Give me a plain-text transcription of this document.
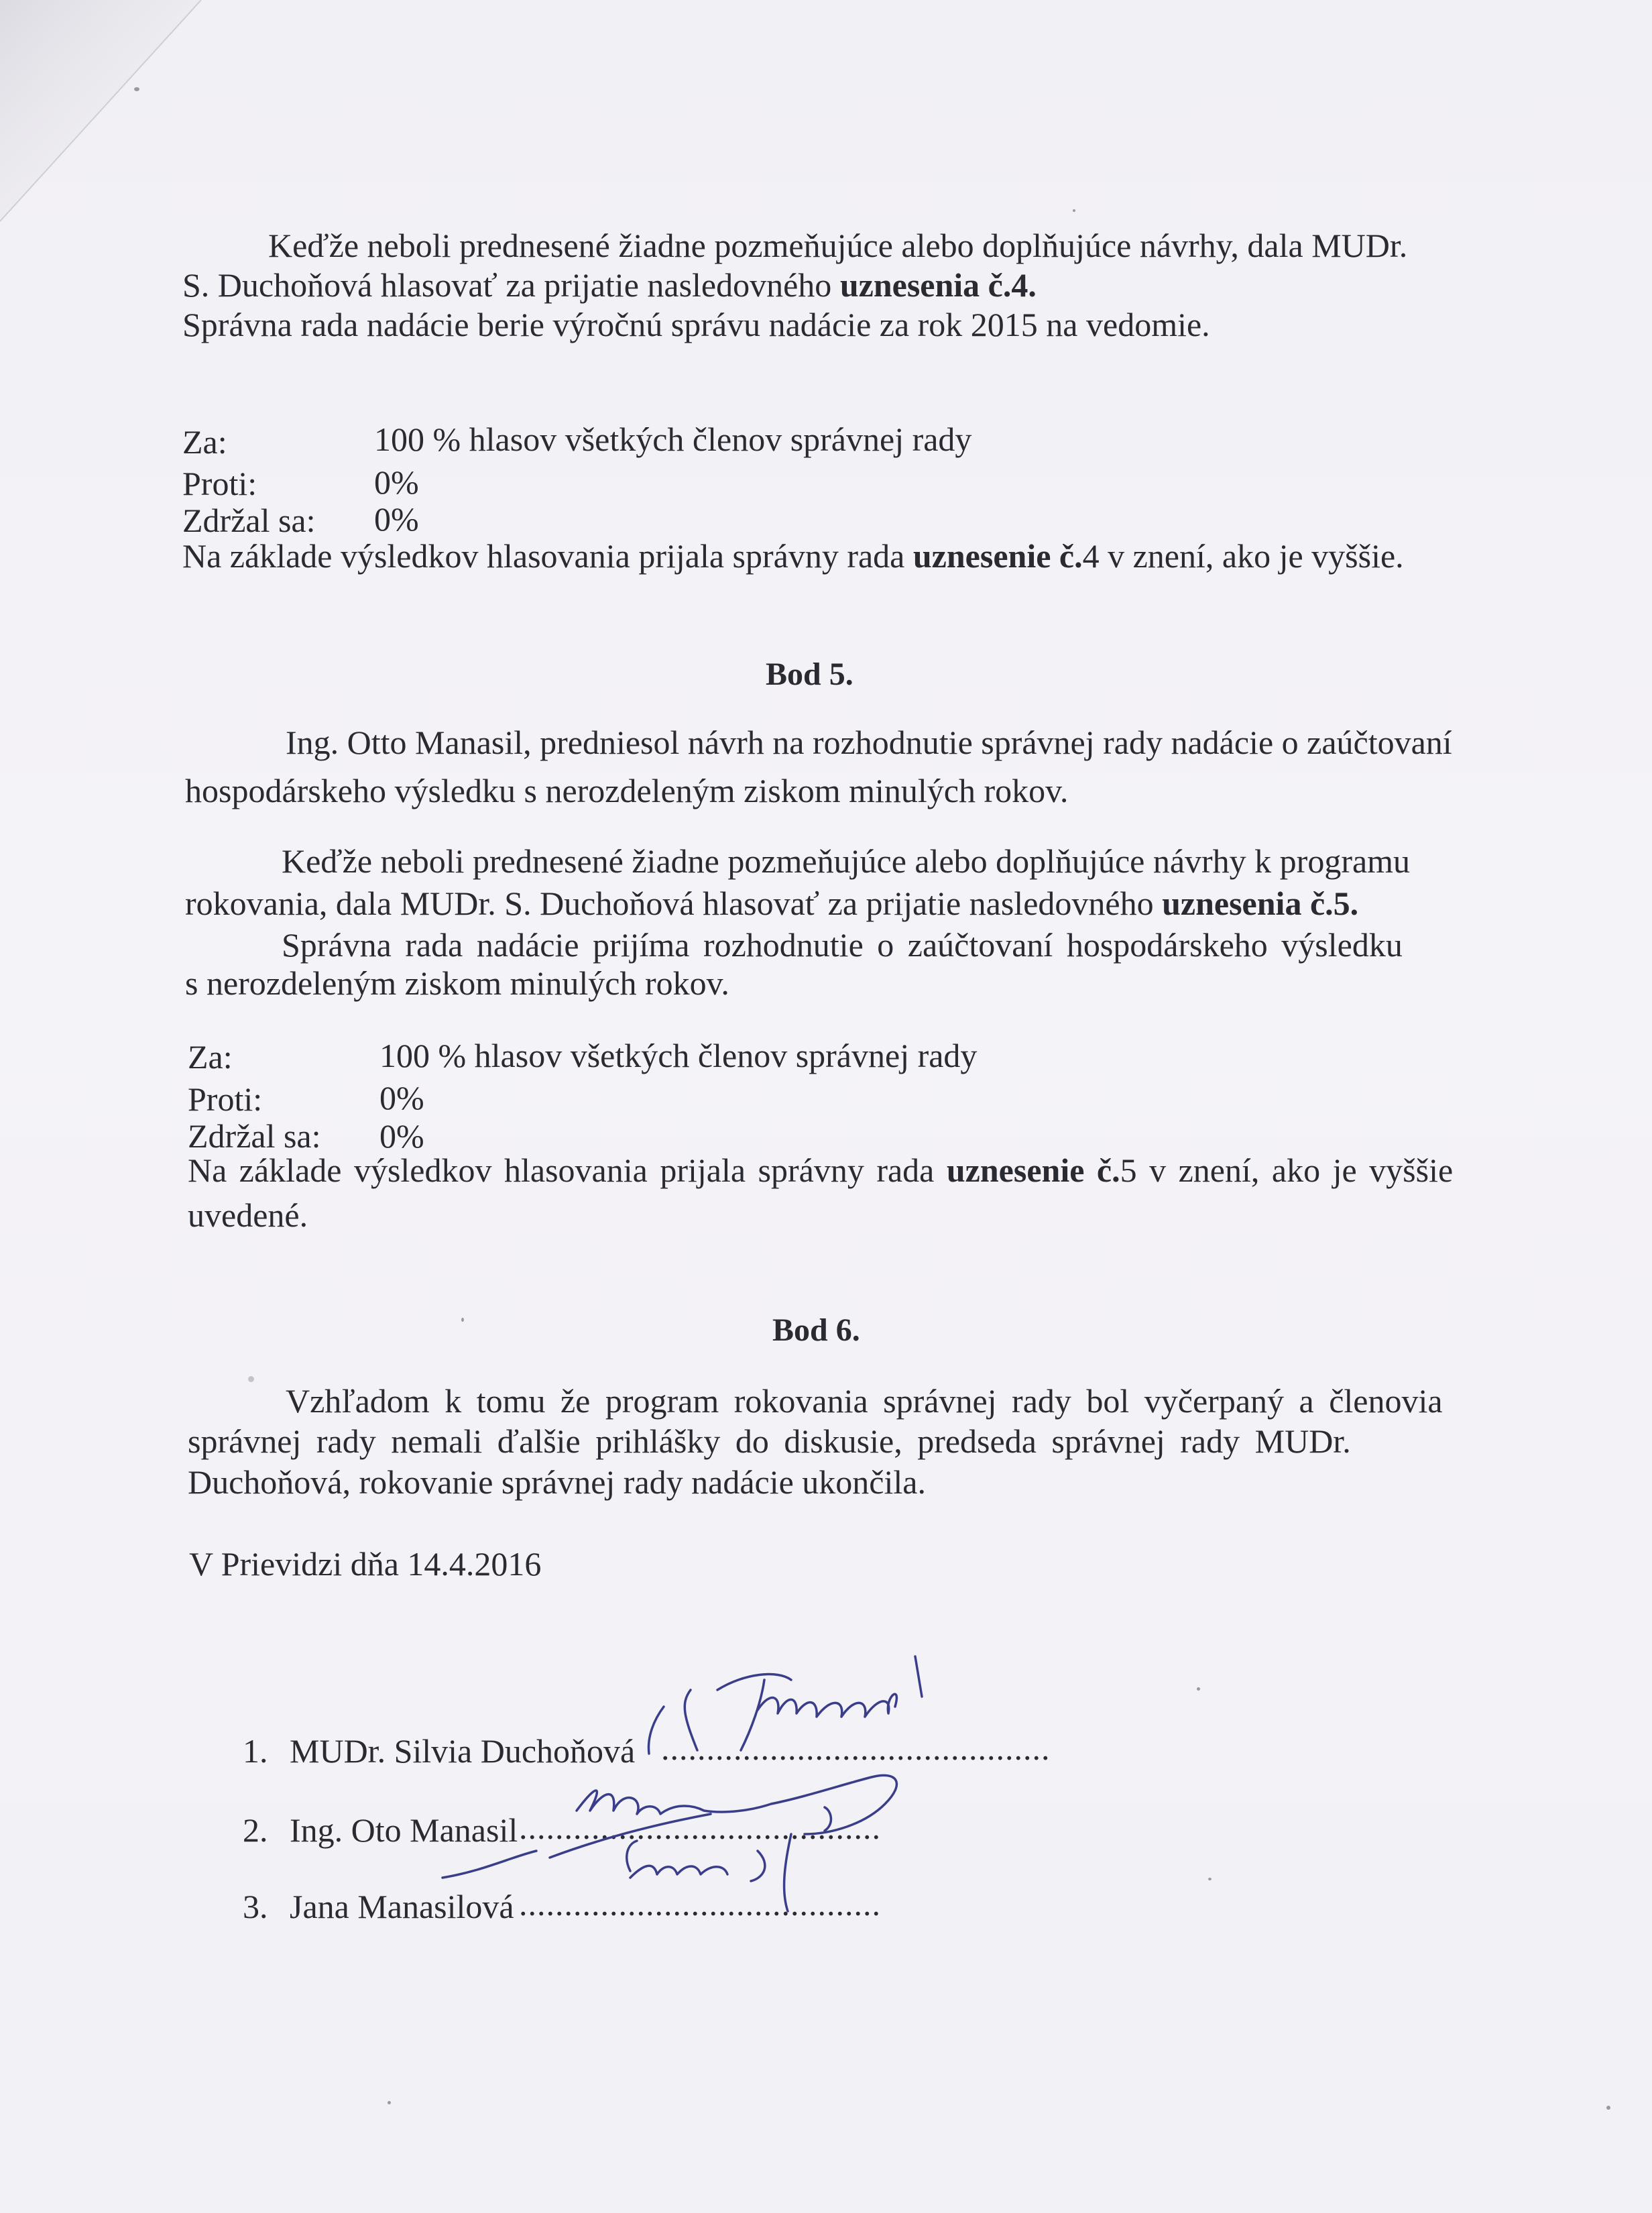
Keďže neboli prednesené žiadne pozmeňujúce alebo doplňujúce návrhy, dala MUDr.
S. Duchoňová hlasovať za prijatie nasledovného uznesenia č.4.
Správna rada nadácie berie výročnú správu nadácie za rok 2015 na vedomie.
Za:	100 % hlasov všetkých členov správnej rady
Proti:	0%
Zdržal sa: 0%
Na základe výsledkov hlasovania prijala správny rada uznesenie č.4 v znení, ako je vyššie.
Bod 5.
Ing. Otto Manasil, predniesol návrh na rozhodnutie správnej rady nadácie o zaúčtovaní
hospodárskeho výsledku s nerozdeleným ziskom minulých rokov.
Keďže neboli prednesené žiadne pozmeňujúce alebo doplňujúce návrhy k programu
rokovania, dala MUDr. S. Duchoňová hlasovať za prijatie nasledovného uznesenia č.5.
Správna rada nadácie prijíma rozhodnutie o zaúčtovaní hospodárskeho výsledku
s nerozdeleným ziskom minulých rokov.
Za:	100 % hlasov všetkých členov správnej rady
Proti:	0%
Zdržal sa: 0%
Na základe výsledkov hlasovania prijala správny rada uznesenie č.5 v znení, ako je vyššie
uvedené.
Bod 6.
Vzhľadom k tomu že program rokovania správnej rady bol vyčerpaný a členovia
správnej rady nemali ďalšie prihlášky do diskusie, predseda správnej rady MUDr.
Duchoňová, rokovanie správnej rady nadácie ukončila.
V Prievidzi dňa 14.4.2016
1. MUDr. Silvia Duchoňová ...........................................
2. Ing. Oto Manasil ........................................
3. Jana Manasilová ........................................
